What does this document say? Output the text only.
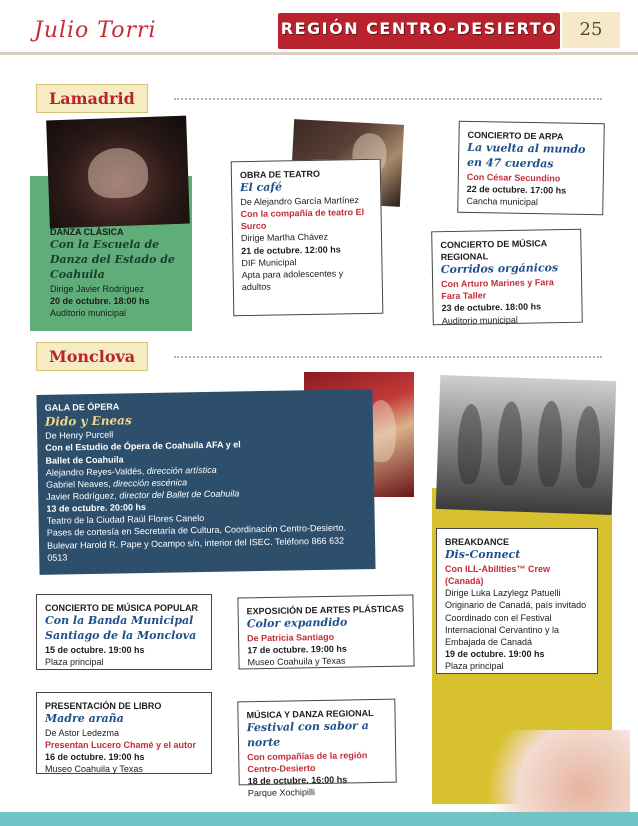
Julio Torri	REGIÓN CENTRO-DESIERTO	25
Lamadrid
DANZA CLÁSICA
Con la Escuela de Danza del Estado de Coahuila
Dirige Javier Rodríguez
20 de octubre. 18:00 hs
Auditorio municipal
OBRA DE TEATRO
El café
De Alejandro García Martínez
Con la compañía de teatro El Surco
Dirige Martha Chávez
21 de octubre. 12:00 hs
DIF Municipal
Apta para adolescentes y adultos
CONCIERTO DE ARPA
La vuelta al mundo en 47 cuerdas
Con César Secundino
22 de octubre. 17:00 hs
Cancha municipal
CONCIERTO DE MÚSICA REGIONAL
Corridos orgánicos
Con Arturo Marines y Fara Fara Taller
23 de octubre. 18:00 hs
Auditorio municipal
Monclova
GALA DE ÓPERA
Dido y Eneas
De Henry Purcell
Con el Estudio de Ópera de Coahuila AFA y el Ballet de Coahuila
Alejandro Reyes-Valdés, dirección artística
Gabriel Neaves, dirección escénica
Javier Rodríguez, director del Ballet de Coahuila
13 de octubre. 20:00 hs
Teatro de la Ciudad Raúl Flores Canelo
Pases de cortesía en Secretaría de Cultura, Coordinación Centro-Desierto. Bulevar Harold R. Pape y Ocampo s/n, interior del ISEC. Teléfono 866 632 0513
BREAKDANCE
Dis-Connect
Con ILL-Abilities™ Crew (Canadá)
Dirige Luka Lazylegz Patuelli Originario de Canadá, país invitado
Coordinado con el Festival Internacional Cervantino y la Embajada de Canadá
19 de octubre. 19:00 hs
Plaza principal
CONCIERTO DE MÚSICA POPULAR
Con la Banda Municipal Santiago de la Monclova
15 de octubre. 19:00 hs
Plaza principal
EXPOSICIÓN DE ARTES PLÁSTICAS
Color expandido
De Patricia Santiago
17 de octubre. 19:00 hs
Museo Coahuila y Texas
PRESENTACIÓN DE LIBRO
Madre araña
De Astor Ledezma
Presentan Lucero Chamé y el autor
16 de octubre. 19:00 hs
Museo Coahuila y Texas
MÚSICA Y DANZA REGIONAL
Festival con sabor a norte
Con compañías de la región Centro-Desierto
18 de octubre. 16:00 hs
Parque Xochipilli
